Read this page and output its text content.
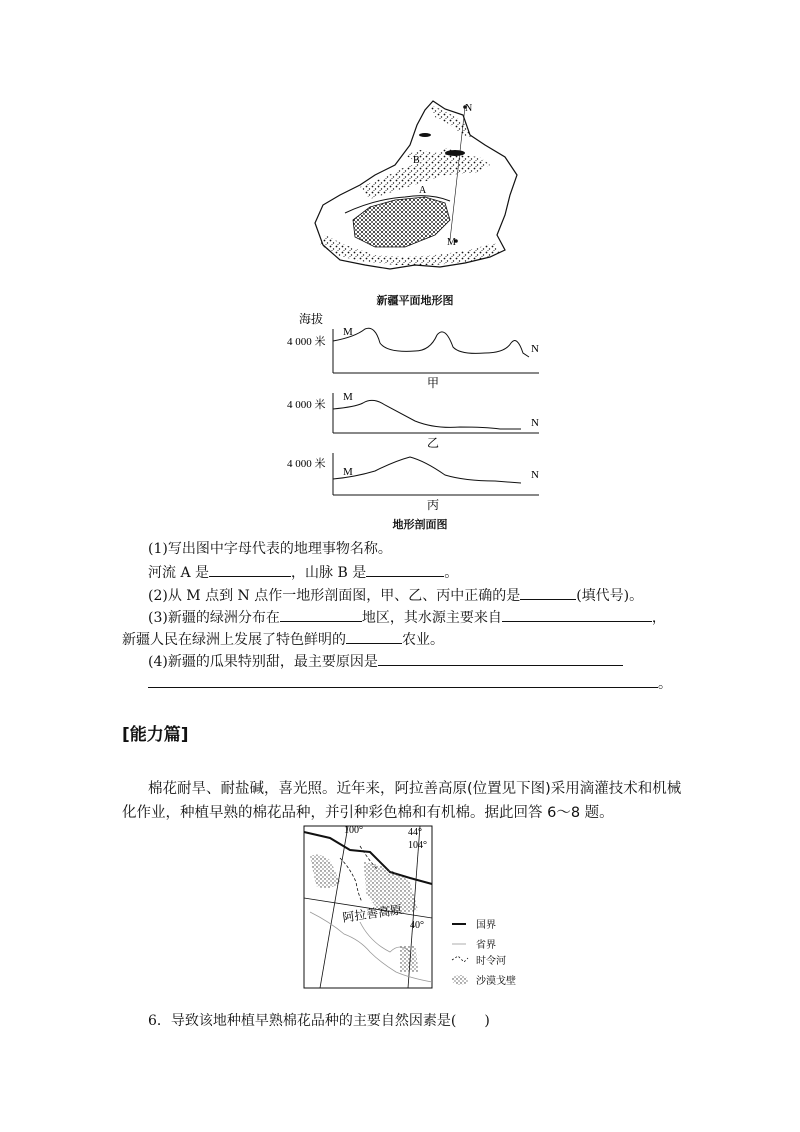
N
B
A
M
新疆平面地形图
海拔
4 000 米
M
N
甲
4 000 米
M
N
乙
4 000 米
M	N
丙
地形剖面图
(1)写出图中字母代表的地理事物名称。
河流 A 是	，山脉 B 是	。
(2)从 M 点到 N 点作一地形剖面图，甲、乙、丙中正确的是	(填代号)。
(3)新疆的绿洲分布在	地区，其水源主要来自	，
新疆人民在绿洲上发展了特色鲜明的	农业。
(4)新疆的瓜果特别甜，最主要原因是
。
[能力篇]
棉花耐旱、耐盐碱，喜光照。近年来，阿拉善高原(位置见下图)采用滴灌技术和机械
化作业，种植早熟的棉花品种，并引种彩色棉和有机棉。据此回答 6～8 题。
100°	44°
104°
40°
阿拉善高原
国界
省界
时令河
沙漠戈壁
6．导致该地种植早熟棉花品种的主要自然因素是(　　)
